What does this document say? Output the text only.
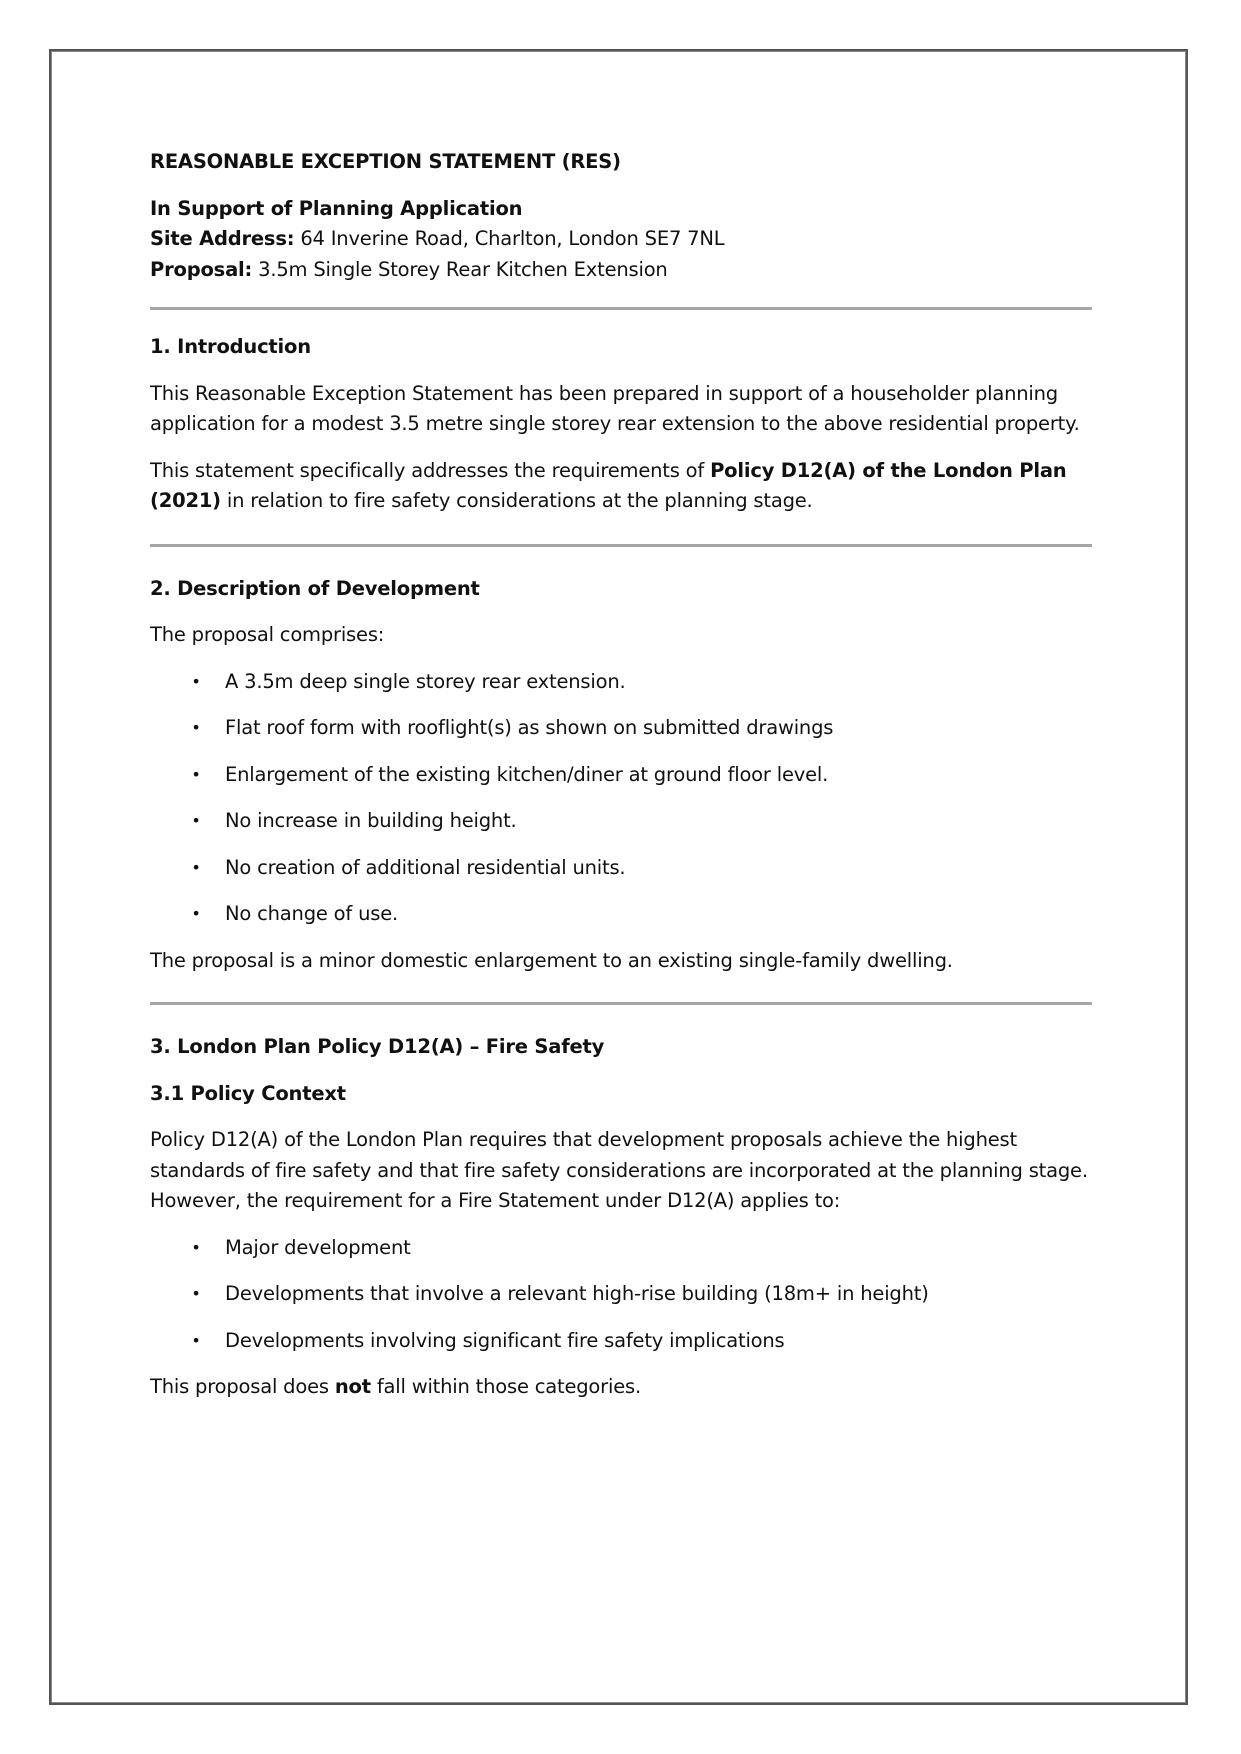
REASONABLE EXCEPTION STATEMENT (RES)

In Support of Planning Application

Site Address: 64 Inverine Road, Charlton, London SE7 7NL

Proposal: 3.5m Single Storey Rear Kitchen Extension

1. Introduction

This Reasonable Exception Statement has been prepared in support of a householder planning application for a modest 3.5 metre single storey rear extension to the above residential property.

This statement specifically addresses the requirements of Policy D12(A) of the London Plan (2021) in relation to fire safety considerations at the planning stage.

2. Description of Development

The proposal comprises:

• A 3.5m deep single storey rear extension.
• Flat roof form with rooflight(s) as shown on submitted drawings
• Enlargement of the existing kitchen/diner at ground floor level.
• No increase in building height.
• No creation of additional residential units.
• No change of use.

The proposal is a minor domestic enlargement to an existing single-family dwelling.

3. London Plan Policy D12(A) – Fire Safety

3.1 Policy Context

Policy D12(A) of the London Plan requires that development proposals achieve the highest standards of fire safety and that fire safety considerations are incorporated at the planning stage. However, the requirement for a Fire Statement under D12(A) applies to:

• Major development
• Developments that involve a relevant high-rise building (18m+ in height)
• Developments involving significant fire safety implications

This proposal does not fall within those categories.
